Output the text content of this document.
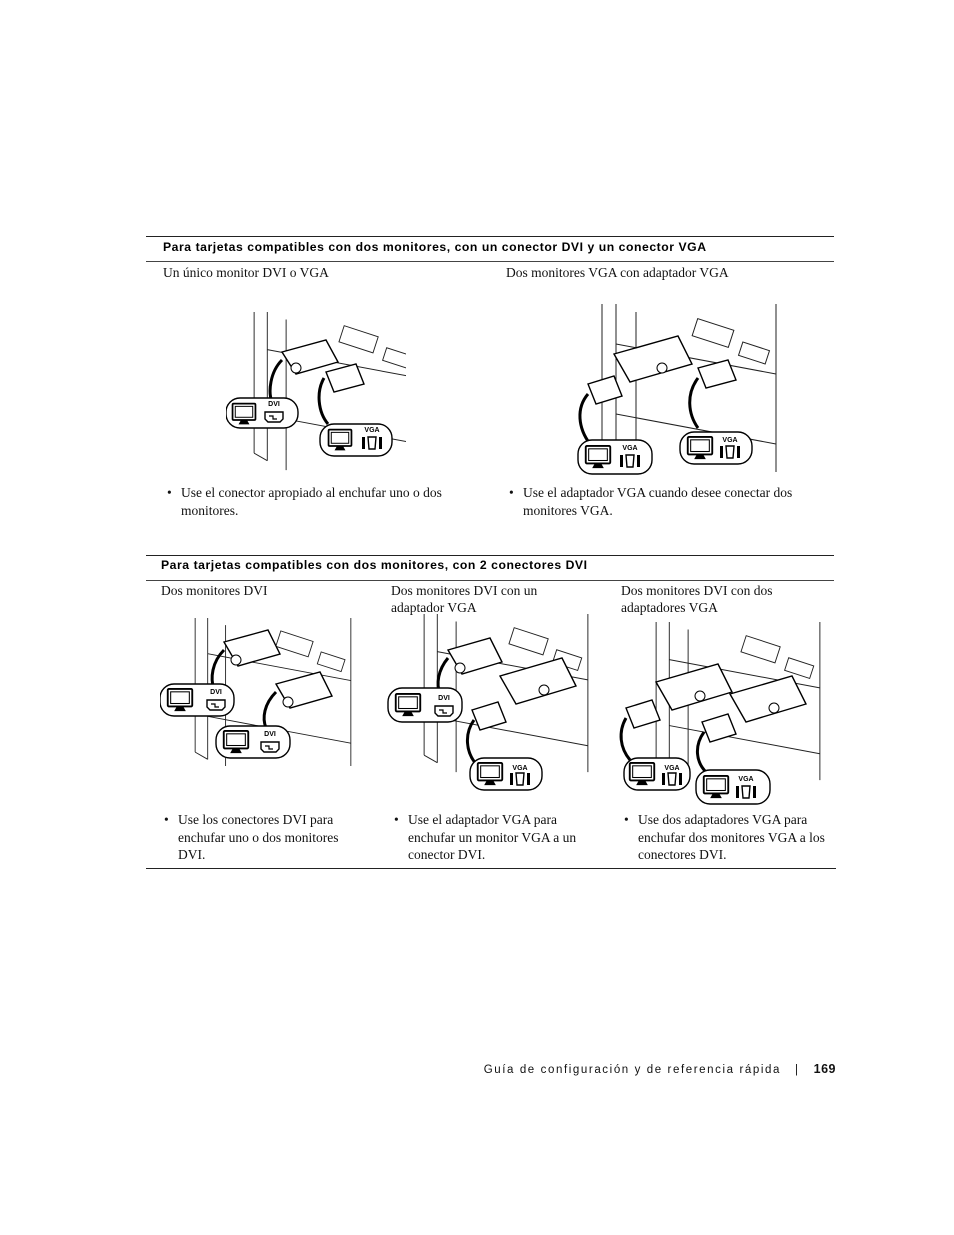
Para tarjetas compatibles con dos monitores, con un conector DVI y un conector VGA
Un único monitor DVI o VGA	Dos monitores VGA con adaptador VGA
DVI
VGA
VGA
VGA
• Use el conector apropiado al enchufar uno o dos monitores.
• Use el adaptador VGA cuando desee conectar dos monitores VGA.
Para tarjetas compatibles con dos monitores, con 2 conectores DVI
Dos monitores DVI	Dos monitores DVI con un adaptador VGA
Dos monitores DVI con dos adaptadores VGA
DVI
DVI
DVI
VGA	VGA
VGA
• Use los conectores DVI para enchufar uno o dos monitores DVI.
• Use el adaptador VGA para enchufar un monitor VGA a un conector DVI.
• Use dos adaptadores VGA para enchufar dos monitores VGA a los conectores DVI.
Guía de configuración y de referencia rápida | 169
